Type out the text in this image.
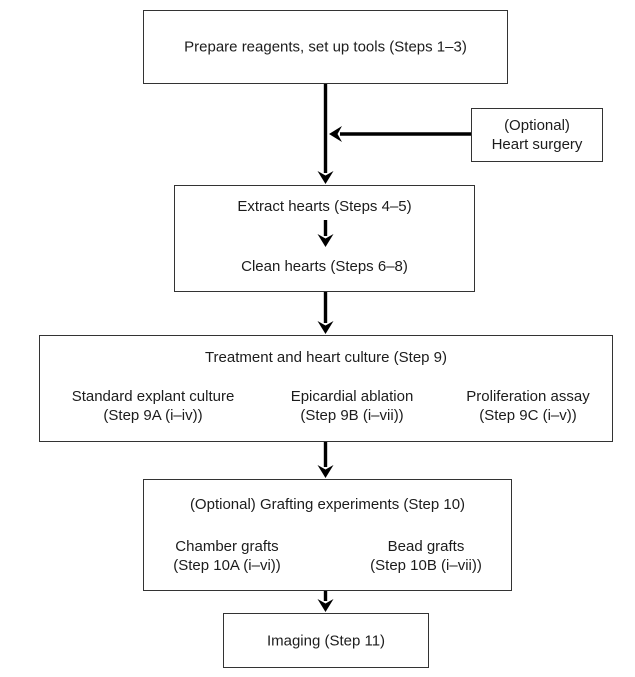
Prepare reagents, set up tools (Steps 1–3)
(Optional)
Heart surgery
Extract hearts (Steps 4–5)
Clean hearts (Steps 6–8)
Treatment and heart culture (Step 9)
Standard explant culture
(Step 9A (i–iv))
Epicardial ablation
(Step 9B (i–vii))
Proliferation assay
(Step 9C (i–v))
(Optional) Grafting experiments (Step 10)
Chamber grafts
(Step 10A (i–vi))
Bead grafts
(Step 10B (i–vii))
Imaging (Step 11)
